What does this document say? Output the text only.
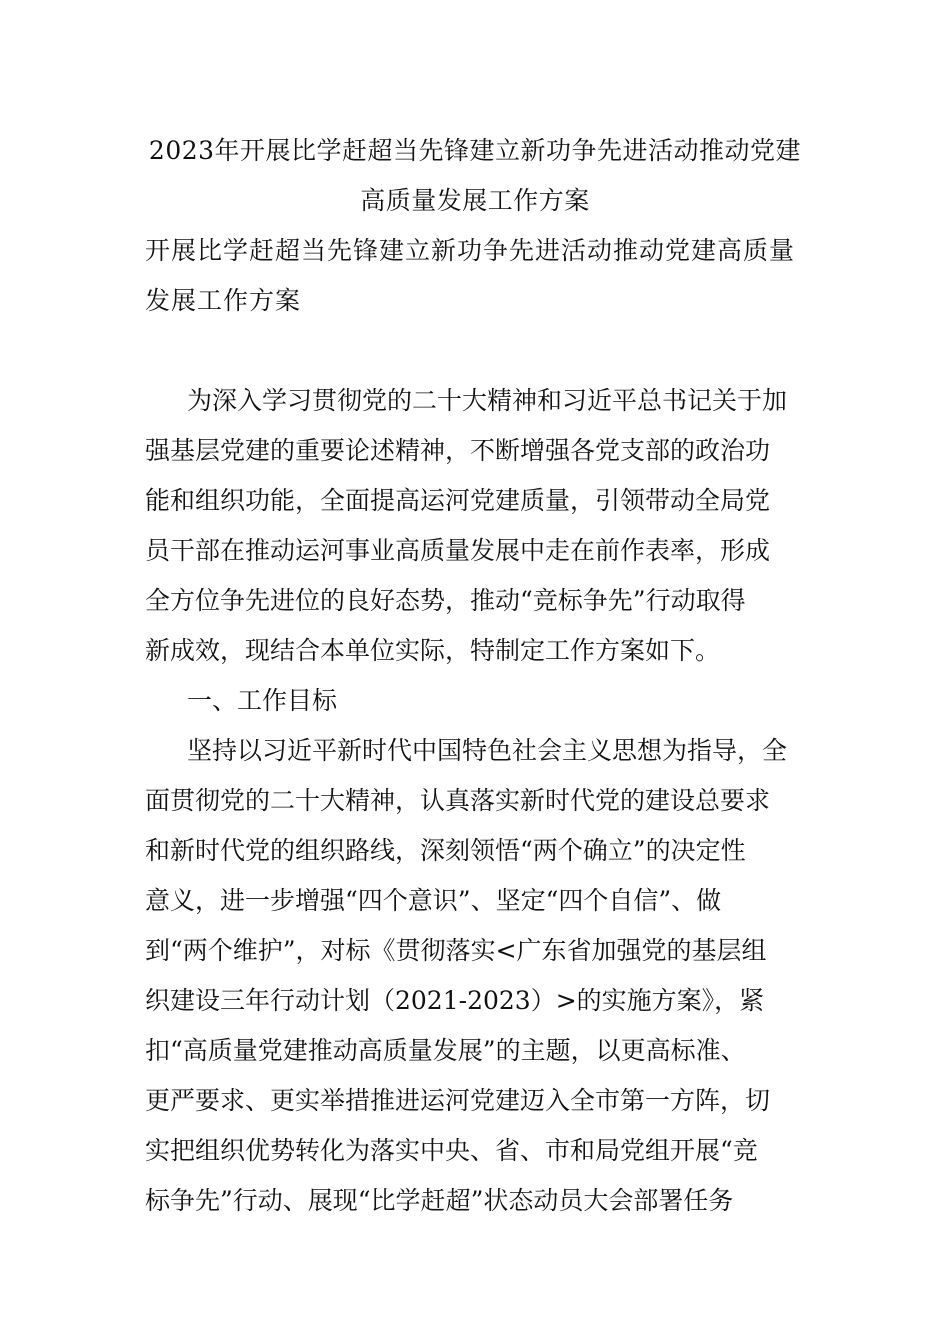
2023年开展比学赶超当先锋建立新功争先进活动推动党建
高质量发展工作方案
开展比学赶超当先锋建立新功争先进活动推动党建高质量
发展工作方案
为深入学习贯彻党的二十大精神和习近平总书记关于加
强基层党建的重要论述精神，不断增强各党支部的政治功
能和组织功能，全面提高运河党建质量，引领带动全局党
员干部在推动运河事业高质量发展中走在前作表率，形成
全方位争先进位的良好态势，推动“竞标争先”行动取得
新成效，现结合本单位实际，特制定工作方案如下。
一、工作目标
坚持以习近平新时代中国特色社会主义思想为指导，全
面贯彻党的二十大精神，认真落实新时代党的建设总要求
和新时代党的组织路线，深刻领悟“两个确立”的决定性
意义，进一步增强“四个意识”、坚定“四个自信”、做
到“两个维护”，对标《贯彻落实<广东省加强党的基层组
织建设三年行动计划（2021-2023）>的实施方案》，紧
扣“高质量党建推动高质量发展”的主题，以更高标准、
更严要求、更实举措推进运河党建迈入全市第一方阵，切
实把组织优势转化为落实中央、省、市和局党组开展“竞
标争先”行动、展现“比学赶超”状态动员大会部署任务
